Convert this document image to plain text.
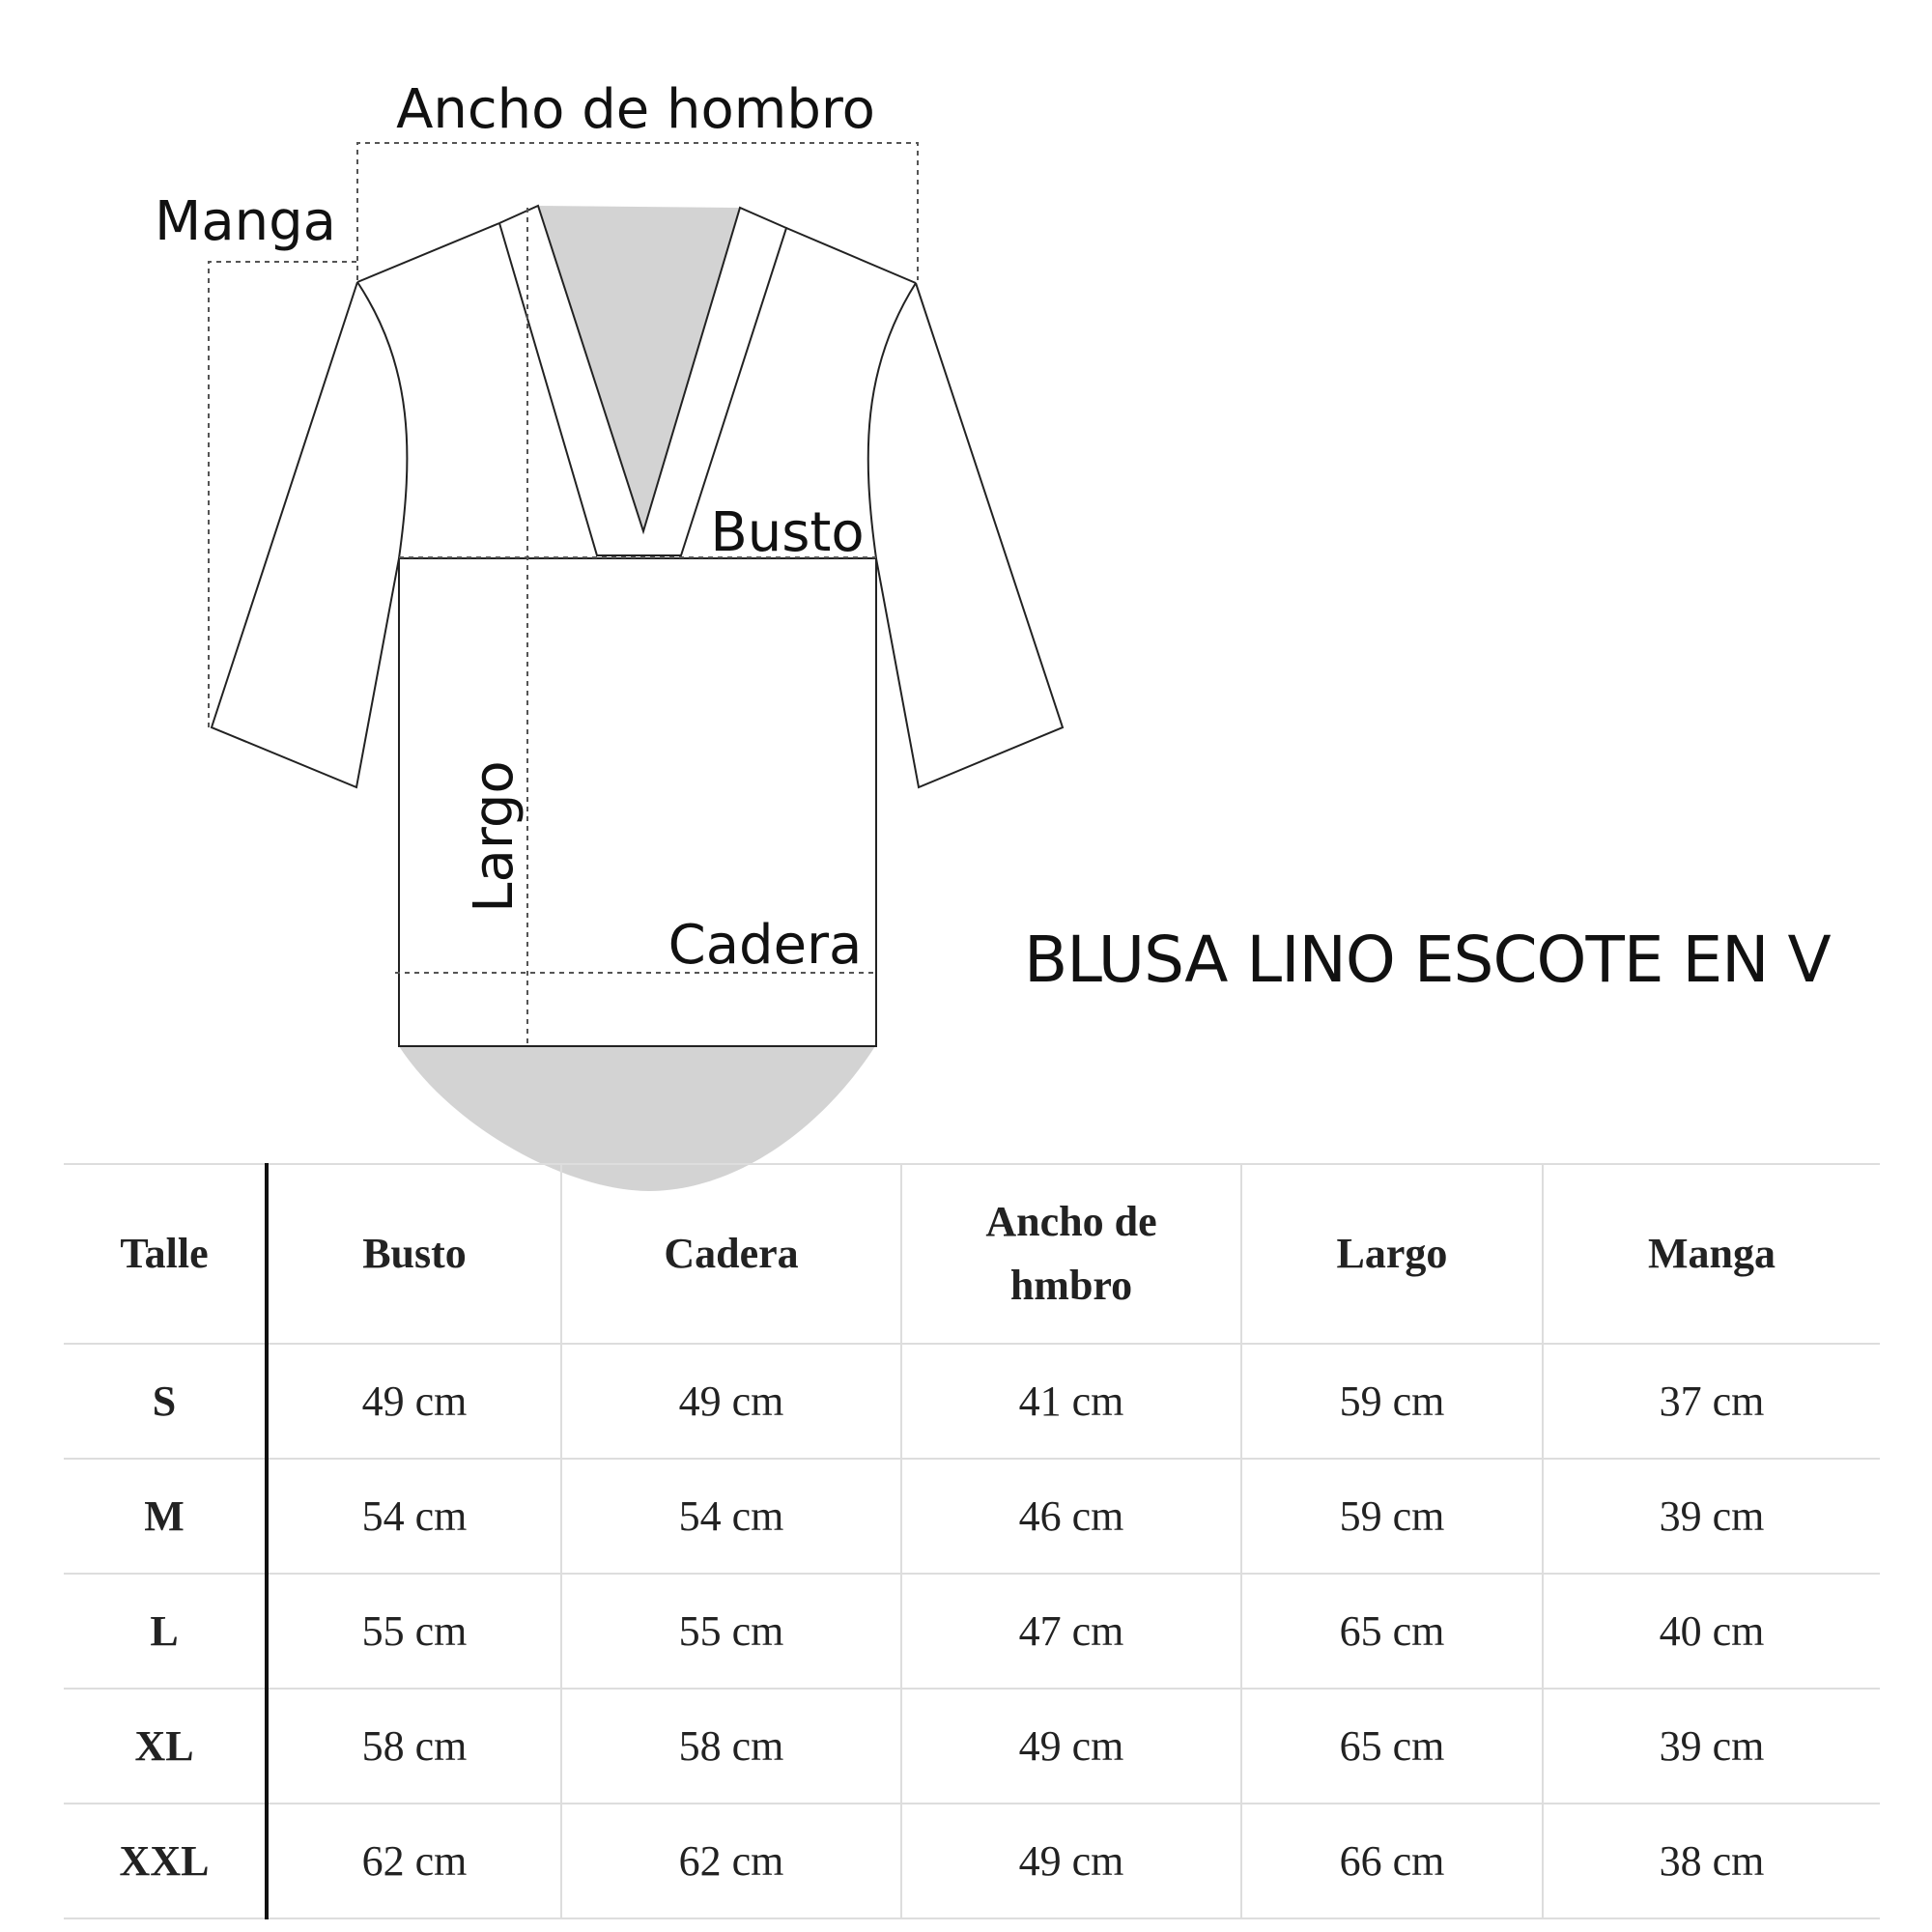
Ancho de hombro
Manga
Busto
Largo
Cadera	BLUSA LINO ESCOTE EN V
Talle	Busto	Cadera	Ancho de hmbro	Largo	Manga
S	49 cm	49 cm	41 cm	59 cm	37 cm
M	54 cm	54 cm	46 cm	59 cm	39 cm
L	55 cm	55 cm	47 cm	65 cm	40 cm
XL	58 cm	58 cm	49 cm	65 cm	39 cm
XXL	62 cm	62 cm	49 cm	66 cm	38 cm
